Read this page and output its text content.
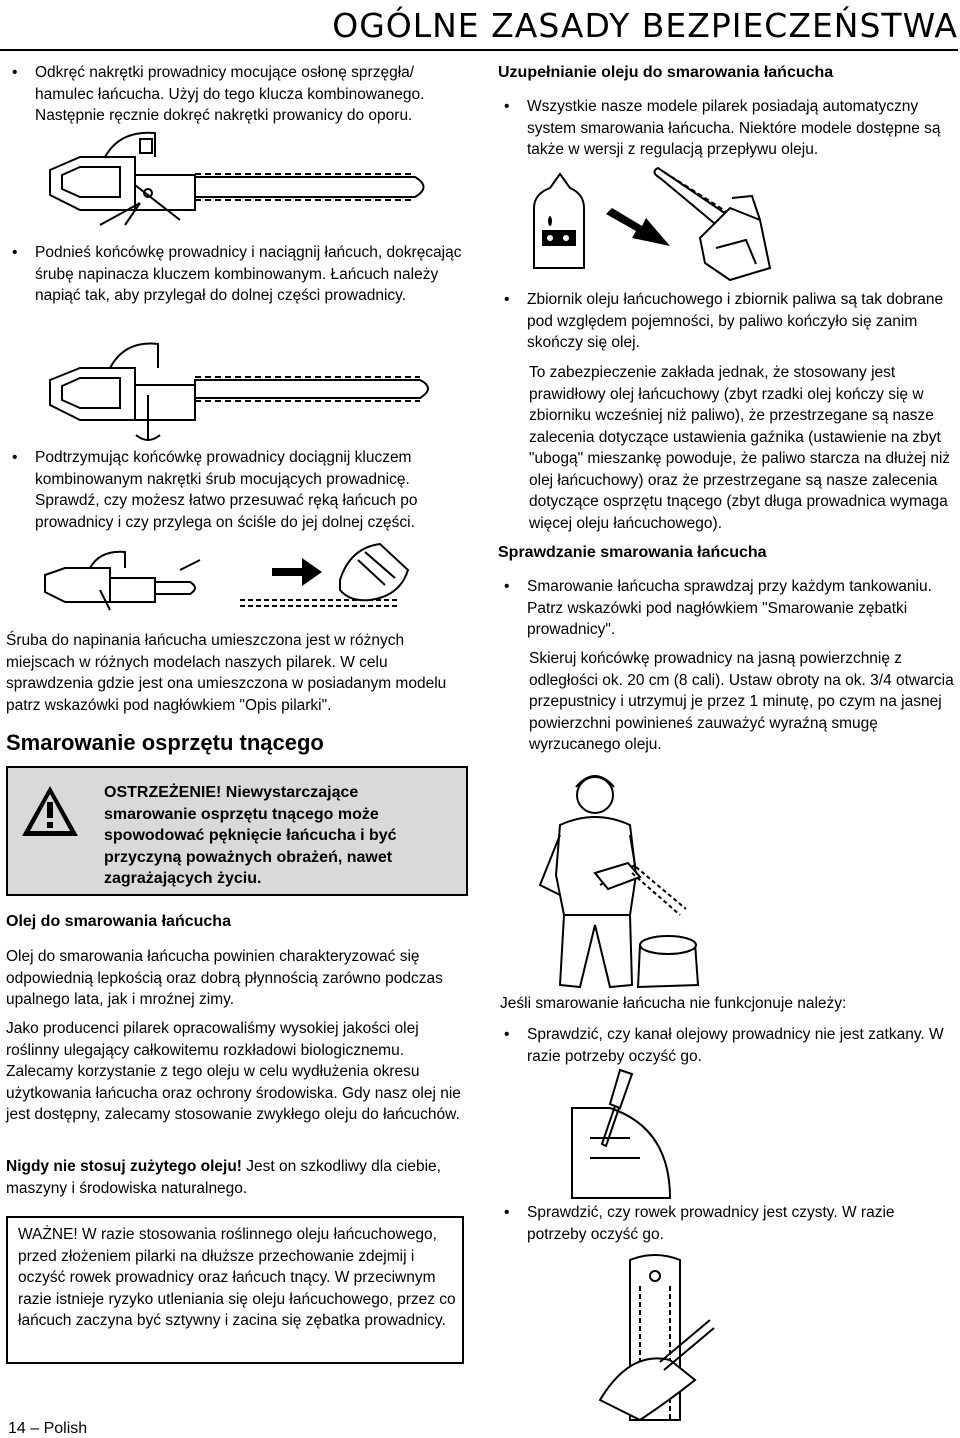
OGÓLNE ZASADY BEZPIECZEŃSTWA

• Odkręć nakrętki prowadnicy mocujące osłonę sprzęgła/ hamulec łańcucha. Użyj do tego klucza kombinowanego. Następnie ręcznie dokręć nakrętki prowanicy do oporu.

• Podnieś końcówkę prowadnicy i naciągnij łańcuch, dokręcając śrubę napinacza kluczem kombinowanym. Łańcuch należy napiąć tak, aby przylegał do dolnej części prowadnicy.

• Podtrzymując końcówkę prowadnicy dociągnij kluczem kombinowanym nakrętki śrub mocujących prowadnicę. Sprawdź, czy możesz łatwo przesuwać ręką łańcuch po prowadnicy i czy przylega on ściśle do jej dolnej części.

Śruba do napinania łańcucha umieszczona jest w różnych miejscach w różnych modelach naszych pilarek. W celu sprawdzenia gdzie jest ona umieszczona w posiadanym modelu patrz wskazówki pod nagłówkiem "Opis pilarki".

Smarowanie osprzętu tnącego
OSTRZEŻENIE! Niewystarczające smarowanie osprzętu tnącego może spowodować pęknięcie łańcucha i być przyczyną poważnych obrażeń, nawet zagrażających życiu.
Olej do smarowania łańcucha

Olej do smarowania łańcucha powinien charakteryzować się odpowiednią lepkością oraz dobrą płynnością zarówno podczas upalnego lata, jak i mroźnej zimy.

Jako producenci pilarek opracowaliśmy wysokiej jakości olej roślinny ulegający całkowitemu rozkładowi biologicznemu. Zalecamy korzystanie z tego oleju w celu wydłużenia okresu użytkowania łańcucha oraz ochrony środowiska. Gdy nasz olej nie jest dostępny, zalecamy stosowanie zwykłego oleju do łańcuchów.

Nigdy nie stosuj zużytego oleju! Jest on szkodliwy dla ciebie, maszyny i środowiska naturalnego.

WAŻNE! W razie stosowania roślinnego oleju łańcuchowego, przed złożeniem pilarki na dłuższe przechowanie zdejmij i oczyść rowek prowadnicy oraz łańcuch tnący. W przeciwnym razie istnieje ryzyko utleniania się oleju łańcuchowego, przez co łańcuch zaczyna być sztywny i zacina się zębatka prowadnicy.

14 – Polish
Uzupełnianie oleju do smarowania łańcucha

• Wszystkie nasze modele pilarek posiadają automatyczny system smarowania łańcucha. Niektóre modele dostępne są także w wersji z regulacją przepływu oleju.

• Zbiornik oleju łańcuchowego i zbiornik paliwa są tak dobrane pod względem pojemności, by paliwo kończyło się zanim skończy się olej.

To zabezpieczenie zakłada jednak, że stosowany jest prawidłowy olej łańcuchowy (zbyt rzadki olej kończy się w zbiorniku wcześniej niż paliwo), że przestrzegane są nasze zalecenia dotyczące ustawienia gaźnika (ustawienie na zbyt "ubogą" mieszankę powoduje, że paliwo starcza na dłużej niż olej łańcuchowy) oraz że przestrzegane są nasze zalecenia dotyczące osprzętu tnącego (zbyt długa prowadnica wymaga więcej oleju łańcuchowego).

Sprawdzanie smarowania łańcucha

• Smarowanie łańcucha sprawdzaj przy każdym tankowaniu. Patrz wskazówki pod nagłówkiem "Smarowanie zębatki prowadnicy".

Skieruj końcówkę prowadnicy na jasną powierzchnię z odległości ok. 20 cm (8 cali). Ustaw obroty na ok. 3/4 otwarcia przepustnicy i utrzymuj je przez 1 minutę, po czym na jasnej powierzchni powinieneś zauważyć wyraźną smugę wyrzucanego oleju.

Jeśli smarowanie łańcucha nie funkcjonuje należy:

• Sprawdzić, czy kanał olejowy prowadnicy nie jest zatkany. W razie potrzeby oczyść go.

• Sprawdzić, czy rowek prowadnicy jest czysty. W razie potrzeby oczyść go.
